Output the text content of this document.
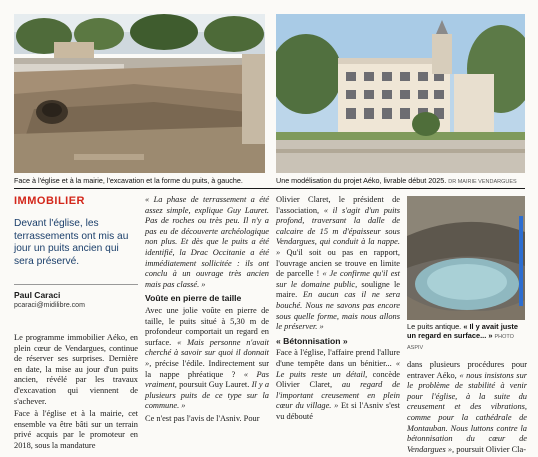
Face à l'église et à la mairie, l'excavation et la forme du puits, à gauche.	Une modélisation du projet Aéko, livrable début 2025. DR MAIRIE VENDARGUES
IMMOBILIER
Devant l'église, les terrassements ont mis au jour un puits ancien qui sera préservé.
Paul Caraci
pcaraci@midilibre.com

Le programme immobilier Aéko, en plein cœur de Vendargues, continue de réserver ses surprises. Dernière en date, la mise au jour d'un puits ancien, révélé par les travaux d'excavation qui viennent de s'achever.

Face à l'église et à la mairie, cet ensemble va être bâti sur un terrain privé acquis par le promoteur en 2018, sous la mandature

« La phase de terrassement a été assez simple, explique Guy Lauret. Pas de roches ou très peu. Il n'y a pas eu de découverte archéologique non plus. Et dès que le puits a été identifié, la Drac Occitanie a été immédiatement sollicitée : ils ont conclu à un ouvrage très ancien mais pas classé. »

Voûte en pierre de taille

Avec une jolie voûte en pierre de taille, le puits situé à 5,30 m de profondeur comportait un regard en surface. « Mais personne n'avait cherché à savoir sur quoi il donnait », précise l'édile. Indirectement sur la nappe phréatique ? « Pas vraiment, poursuit Guy Lauret. Il y a plusieurs puits de ce type sur la commune. »

Ce n'est pas l'avis de l'Asniv. Pour

Olivier Claret, le président de l'association, « il s'agit d'un puits profond, traversant la dalle de calcaire de 15 m d'épaisseur sous Vendargues, qui conduit à la nappe. » Qu'il soit ou pas en rapport, l'ouvrage ancien se trouve en limite de parcelle ! « Je confirme qu'il est sur le domaine public, souligne le maire. En aucun cas il ne sera bouché. Nous ne savons pas encore sous quelle forme, mais nous allons le préserver. »

« Bétonnisation »

Face à l'église, l'affaire prend l'allure d'une tempête dans un bénitier... « Le puits reste un détail, concède Olivier Claret, au regard de l'important creusement en plein cœur du village. » Et si l'Asniv s'est vu débouté

Le puits antique. « Il y avait juste un regard en surface... » PHOTO ASPIV

dans plusieurs procédures pour entraver Aéko, « nous insistons sur le problème de stabilité à venir pour l'église, à la suite du creusement et des vibrations, comme pour la cathédrale de Montauban. Nous luttons contre la bétonnisation du cœur de Vendargues », poursuit Olivier Cla-
